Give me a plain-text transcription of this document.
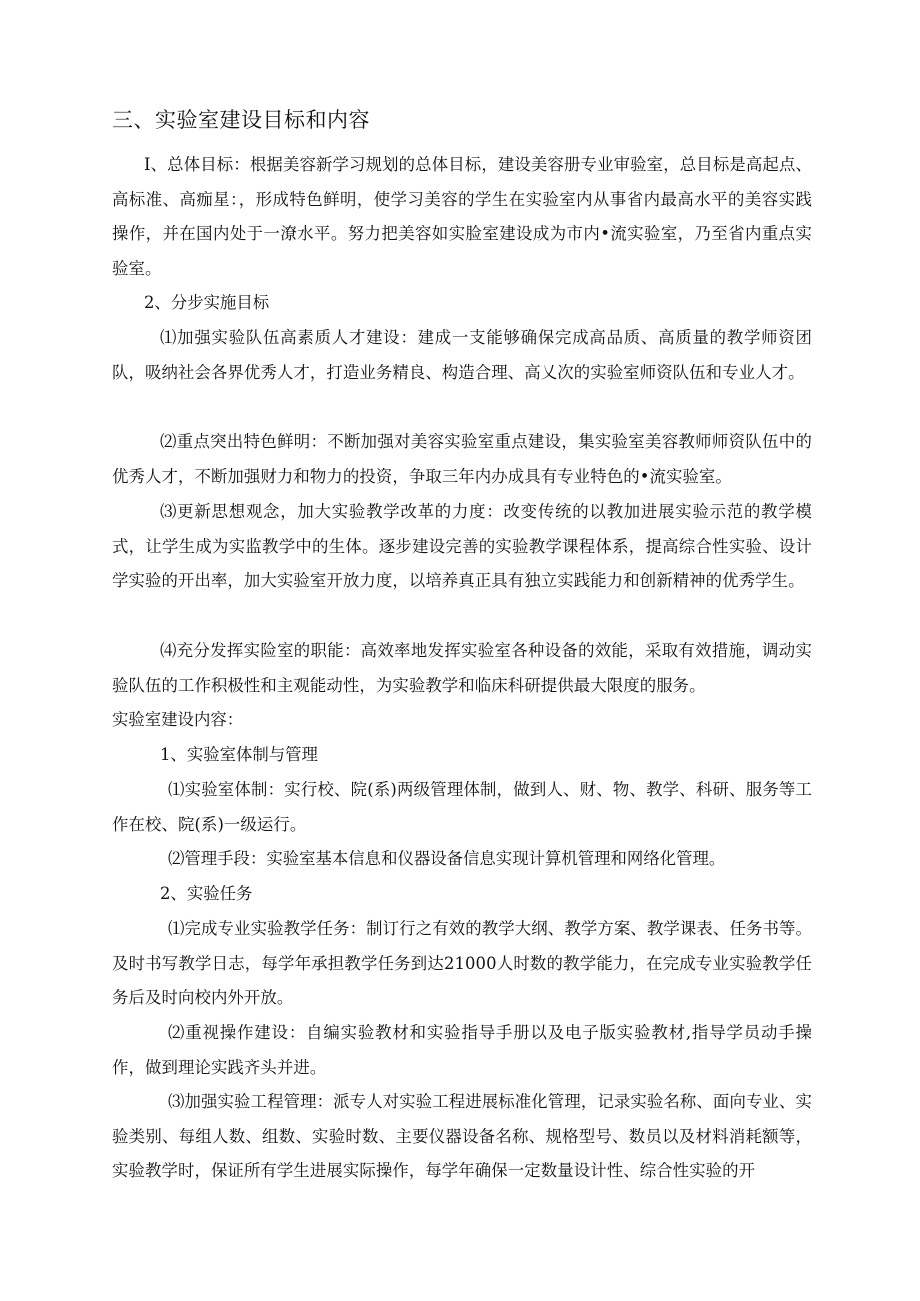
三、实验室建设目标和内容

I、总体目标：根据美容新学习规划的总体目标，建设美容册专业审验室，总目标是高起点、高标准、高痂星：，形成特色鲜明，使学习美容的学生在实验室内从事省内最高水平的美容实践操作，并在国内处于一潦水平。努力把美容如实脸室建设成为市内•流实验室，乃至省内重点实验室。

2、分步实施目标

⑴加强实验队伍高素质人才建设：建成一支能够确保完成高品质、高质量的教学师资团队，吸纳社会各界优秀人才，打造业务精良、构造合理、高乂次的实验室师资队伍和专业人才。

⑵重点突出特色鲜明：不断加强对美容实验室重点建设，集实验室美容教师师资队伍中的优秀人才，不断加强财力和物力的投资，争取三年内办成具有专业特色的•流实验室。

⑶更新思想观念，加大实验教学改革的力度：改变传统的以教加进展实验示范的教学模式，让学生成为实监教学中的生体。逐步建设完善的实验教学课程体系，提高综合性实验、设计学实验的开出率，加大实验室开放力度，以培养真正具有独立实践能力和创新精神的优秀学生。

⑷充分发挥实险室的职能：高效率地发挥实验室各种设备的效能，采取有效措施，调动实验队伍的工作积极性和主观能动性，为实验教学和临床科研提供最大限度的服务。

实验室建设内容：

1、实验室体制与管理

⑴实验室体制：实行校、院(系)两级管理体制，做到人、财、物、教学、科研、服务等工作在校、院(系)一级运行。

⑵管理手段：实验室基本信息和仪器设备信息实现计算机管理和网络化管理。

2、实验任务

⑴完成专业实验教学任务：制订行之有效的教学大纲、教学方案、教学课表、任务书等。及时书写教学日志，每学年承担教学任务到达21000人时数的教学能力，在完成专业实验教学任务后及时向校内外开放。

⑵重视操作建设：自编实验教材和实验指导手册以及电子版实验教材,指导学员动手操作，做到理论实践齐头并进。

⑶加强实验工程管理：派专人对实验工程进展标准化管理，记录实验名称、面向专业、实验类别、每组人数、组数、实验时数、主要仪器设备名称、规格型号、数员以及材料消耗额等，实验教学时，保证所有学生进展实际操作，每学年确保一定数量设计性、综合性实验的开
